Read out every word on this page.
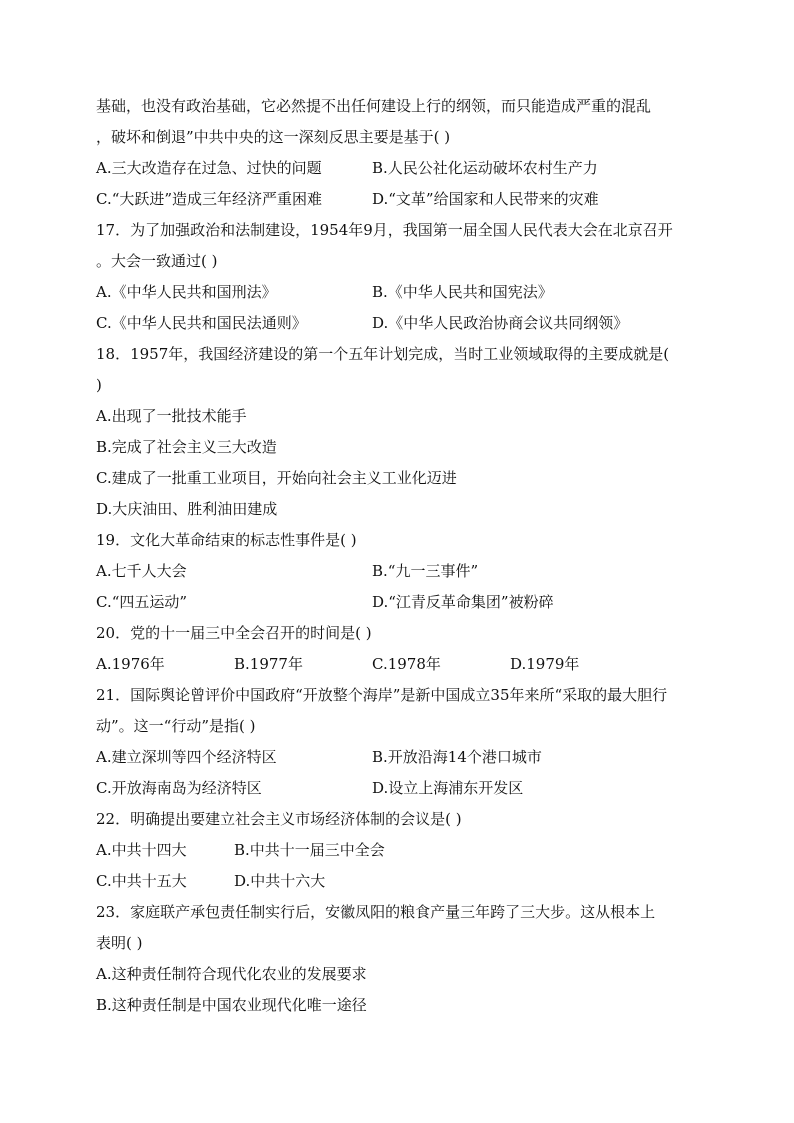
基础，也没有政治基础，它必然提不出任何建设上行的纲领，而只能造成严重的混乱
，破坏和倒退”中共中央的这一深刻反思主要是基于( )
A.三大改造存在过急、过快的问题	B.人民公社化运动破坏农村生产力
C.“大跃进”造成三年经济严重困难	D.“文革”给国家和人民带来的灾难
17．为了加强政治和法制建设，1954年9月，我国第一届全国人民代表大会在北京召开
。大会一致通过( )
A.《中华人民共和国刑法》	B.《中华人民共和国宪法》
C.《中华人民共和国民法通则》	D.《中华人民政治协商会议共同纲领》
18．1957年，我国经济建设的第一个五年计划完成，当时工业领域取得的主要成就是(
)
A.出现了一批技术能手
B.完成了社会主义三大改造
C.建成了一批重工业项目，开始向社会主义工业化迈进
D.大庆油田、胜利油田建成
19．文化大革命结束的标志性事件是( )
A.七千人大会	B.“九一三事件”
C.“四五运动”	D.“江青反革命集团”被粉碎
20．党的十一届三中全会召开的时间是( )
A.1976年	B.1977年	C.1978年	D.1979年
21．国际舆论曾评价中国政府“开放整个海岸”是新中国成立35年来所“采取的最大胆行
动”。这一“行动”是指( )
A.建立深圳等四个经济特区	B.开放沿海14个港口城市
C.开放海南岛为经济特区	D.设立上海浦东开发区
22．明确提出要建立社会主义市场经济体制的会议是( )
A.中共十四大	B.中共十一届三中全会
C.中共十五大	D.中共十六大
23．家庭联产承包责任制实行后，安徽凤阳的粮食产量三年跨了三大步。这从根本上
表明( )
A.这种责任制符合现代化农业的发展要求
B.这种责任制是中国农业现代化唯一途径
